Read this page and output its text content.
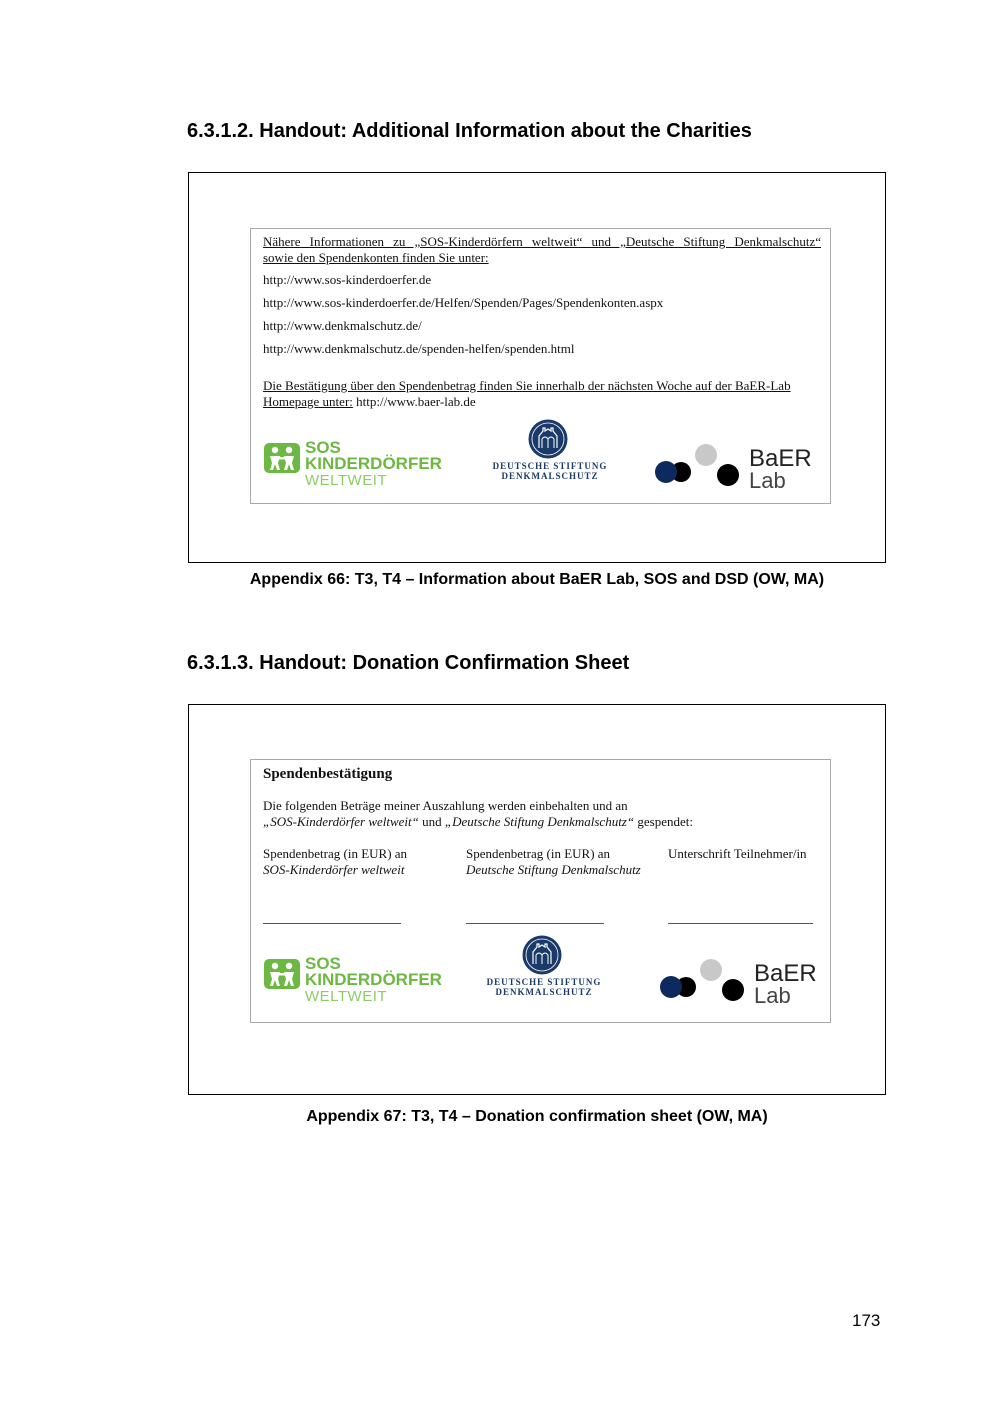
6.3.1.2. Handout: Additional Information about the Charities
Nähere Informationen zu „SOS-Kinderdörfern weltweit“ und „Deutsche Stiftung Denkmalschutz“
sowie den Spendenkonten finden Sie unter:
http://www.sos-kinderdoerfer.de
http://www.sos-kinderdoerfer.de/Helfen/Spenden/Pages/Spendenkonten.aspx
http://www.denkmalschutz.de/
http://www.denkmalschutz.de/spenden-helfen/spenden.html
Die Bestätigung über den Spendenbetrag finden Sie innerhalb der nächsten Woche auf der BaER-Lab
Homepage unter: http://www.baer-lab.de
SOS
KINDERDÖRFER
WELTWEIT
DEUTSCHE STIFTUNG
DENKMALSCHUTZ
BaER
Lab
Appendix 66: T3, T4 – Information about BaER Lab, SOS and DSD (OW, MA)
6.3.1.3. Handout: Donation Confirmation Sheet
Spendenbestätigung
Die folgenden Beträge meiner Auszahlung werden einbehalten und an
„SOS-Kinderdörfer weltweit“ und „Deutsche Stiftung Denkmalschutz“ gespendet:
Spendenbetrag (in EUR) an
SOS-Kinderdörfer weltweit
Spendenbetrag (in EUR) an
Deutsche Stiftung Denkmalschutz
Unterschrift Teilnehmer/in
SOS
KINDERDÖRFER
WELTWEIT
DEUTSCHE STIFTUNG
DENKMALSCHUTZ
BaER
Lab
Appendix 67: T3, T4 – Donation confirmation sheet (OW, MA)
173
